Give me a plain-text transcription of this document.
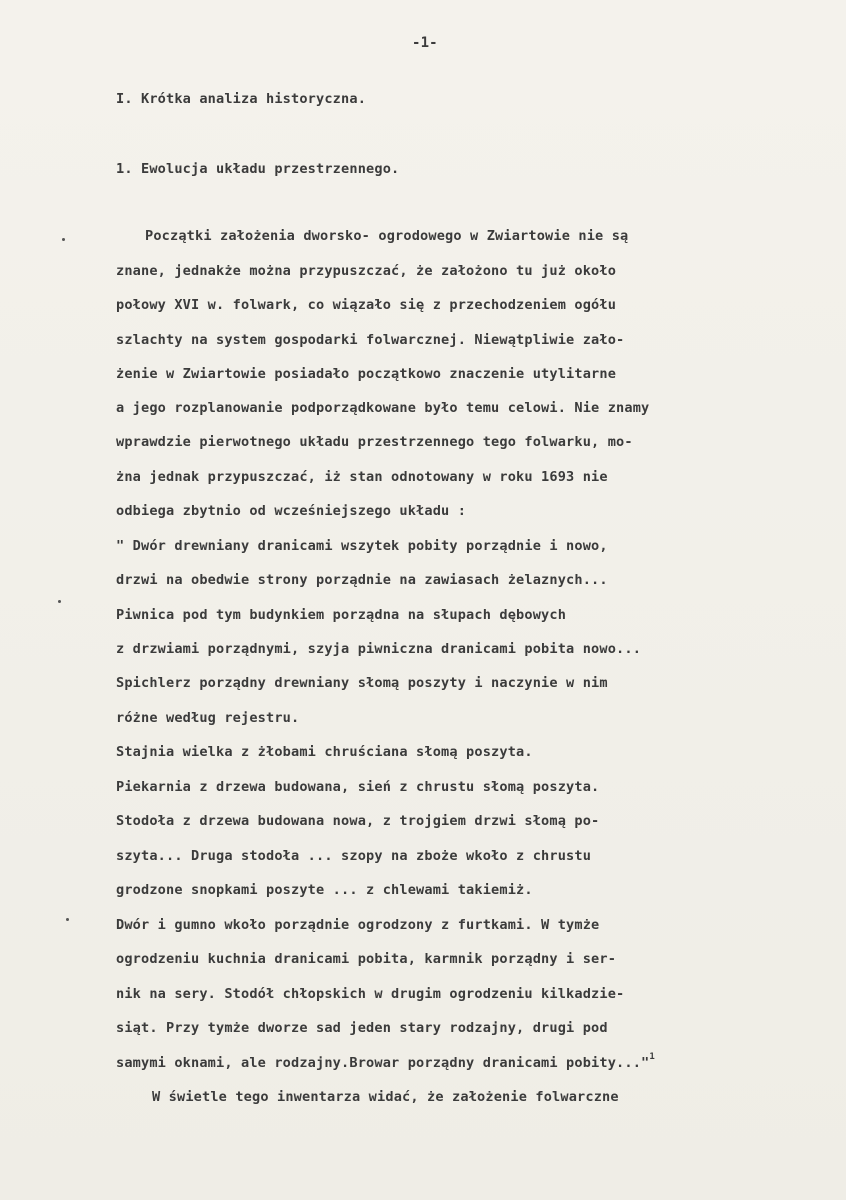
-1-
I. Krótka analiza historyczna.
1. Ewolucja układu przestrzennego.
Początki założenia dworsko- ogrodowego w Zwiartowie nie są
znane, jednakże można przypuszczać, że założono tu już około
połowy XVI w. folwark, co wiązało się z przechodzeniem ogółu
szlachty na system gospodarki folwarcznej. Niewątpliwie zało-
żenie w Zwiartowie posiadało początkowo znaczenie utylitarne
a jego rozplanowanie podporządkowane było temu celowi. Nie znamy
wprawdzie pierwotnego układu przestrzennego tego folwarku, mo-
żna jednak przypuszczać, iż stan odnotowany w roku 1693 nie
odbiega zbytnio od wcześniejszego układu :
" Dwór drewniany dranicami wszytek pobity porządnie i nowo,
drzwi na obedwie strony porządnie na zawiasach żelaznych...
Piwnica pod tym budynkiem porządna na słupach dębowych
z drzwiami porządnymi, szyja piwniczna dranicami pobita nowo...
Spichlerz porządny drewniany słomą poszyty i naczynie w nim
różne według rejestru.
Stajnia wielka z żłobami chruściana słomą poszyta.
Piekarnia z drzewa budowana, sień z chrustu słomą poszyta.
Stodoła z drzewa budowana nowa, z trojgiem drzwi słomą po-
szyta... Druga stodoła ... szopy na zboże wkoło z chrustu
grodzone snopkami poszyte ... z chlewami takiemiż.
Dwór i gumno wkoło porządnie ogrodzony z furtkami. W tymże
ogrodzeniu kuchnia dranicami pobita, karmnik porządny i ser-
nik na sery. Stodół chłopskich w drugim ogrodzeniu kilkadzie-
siąt. Przy tymże dworze sad jeden stary rodzajny, drugi pod
samymi oknami, ale rodzajny.Browar porządny dranicami pobity..."$^1$
W świetle tego inwentarza widać, że założenie folwarczne
